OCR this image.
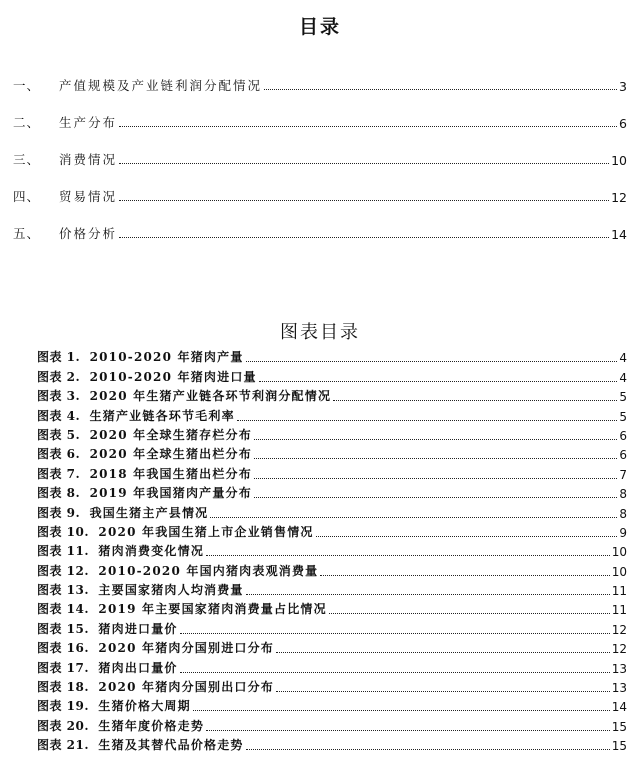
目录
一、	产值规模及产业链利润分配情况	3
二、	生产分布	6
三、	消费情况	10
四、	贸易情况	12
五、	价格分析	14
图表目录
图表 1. 2010-2020 年猪肉产量	4
图表 2. 2010-2020 年猪肉进口量	4
图表 3. 2020 年生猪产业链各环节利润分配情况	5
图表 4. 生猪产业链各环节毛利率	5
图表 5. 2020 年全球生猪存栏分布	6
图表 6. 2020 年全球生猪出栏分布	6
图表 7. 2018 年我国生猪出栏分布	7
图表 8. 2019 年我国猪肉产量分布	8
图表 9. 我国生猪主产县情况	8
图表 10. 2020 年我国生猪上市企业销售情况	9
图表 11. 猪肉消费变化情况	10
图表 12. 2010-2020 年国内猪肉表观消费量	10
图表 13. 主要国家猪肉人均消费量	11
图表 14. 2019 年主要国家猪肉消费量占比情况	11
图表 15. 猪肉进口量价	12
图表 16. 2020 年猪肉分国别进口分布	12
图表 17. 猪肉出口量价	13
图表 18. 2020 年猪肉分国别出口分布	13
图表 19. 生猪价格大周期	14
图表 20. 生猪年度价格走势	15
图表 21. 生猪及其替代品价格走势	15
